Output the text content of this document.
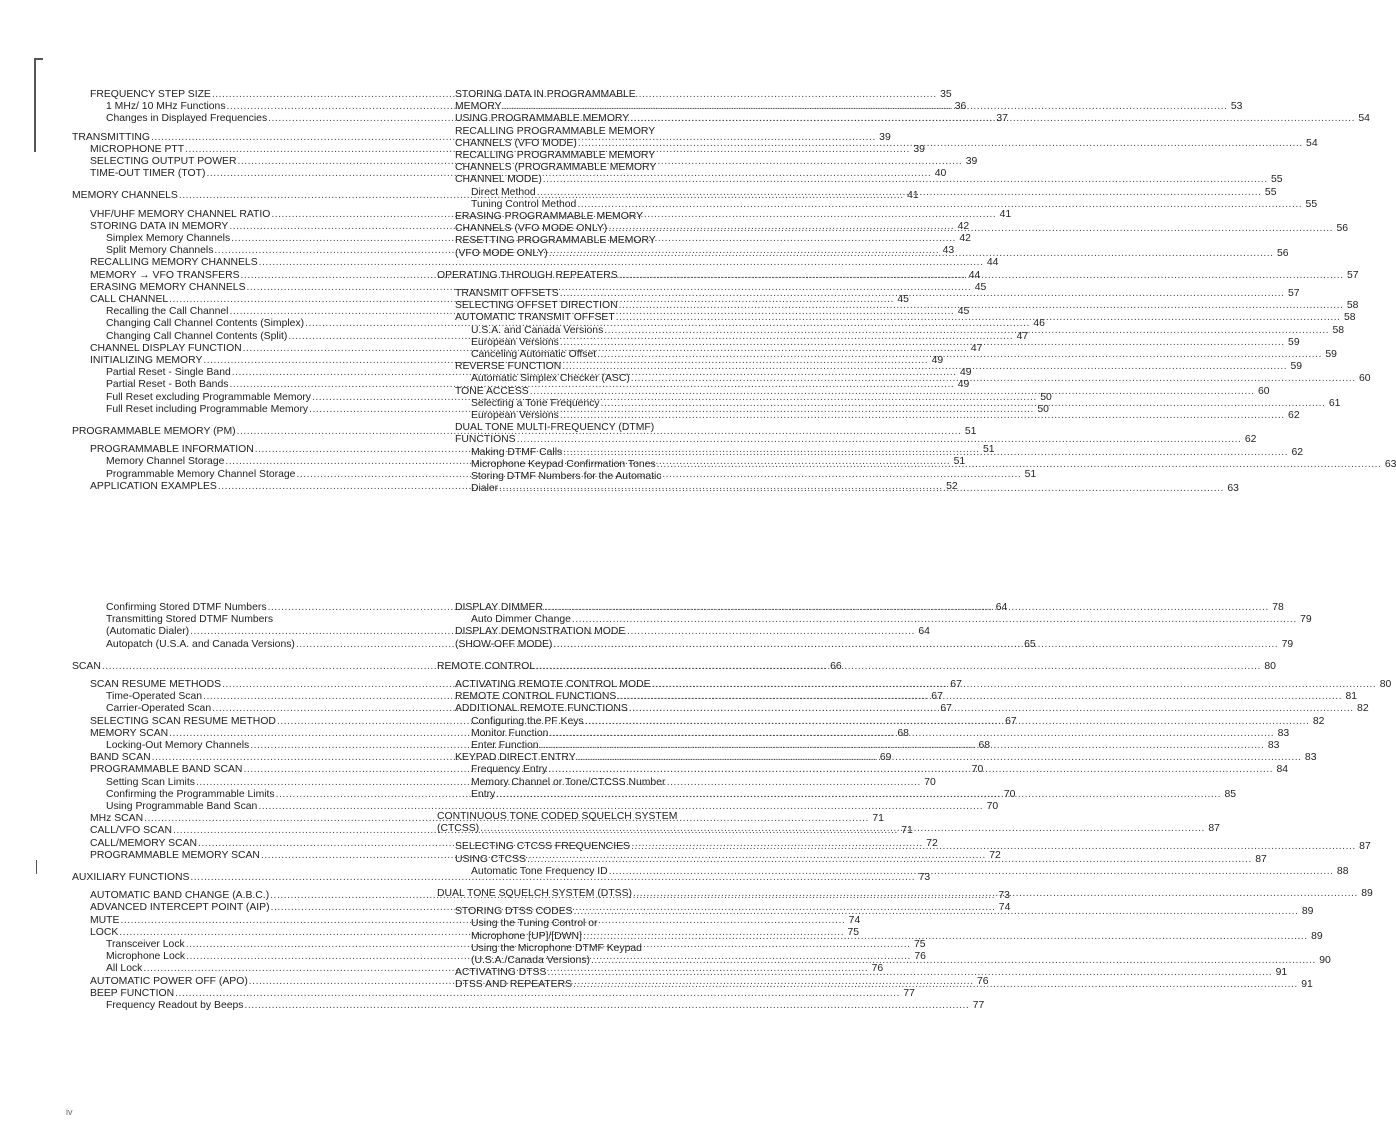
FREQUENCY STEP SIZE .....	35
1 MHz/ 10 MHz Functions .....	36
Changes in Displayed Frequencies .....	37
TRANSMITTING .....	39
MICROPHONE PTT .....	39
SELECTING OUTPUT POWER .....	39
TIME-OUT TIMER (TOT) .....	40
MEMORY CHANNELS .....	41
VHF/UHF MEMORY CHANNEL RATIO .....	41
STORING DATA IN MEMORY .....	42
Simplex Memory Channels .....	42
Split Memory Channels .....	43
RECALLING MEMORY CHANNELS .....	44
MEMORY → VFO TRANSFERS .....	44
ERASING MEMORY CHANNELS .....	45
CALL CHANNEL .....	45
Recalling the Call Channel .....	45
Changing Call Channel Contents (Simplex) .....	46
Changing Call Channel Contents (Split) .....	47
CHANNEL DISPLAY FUNCTION .....	47
INITIALIZING MEMORY .....	49
Partial Reset - Single Band .....	49
Partial Reset - Both Bands .....	49
Full Reset excluding Programmable Memory .....	50
Full Reset including Programmable Memory .....	50
PROGRAMMABLE MEMORY (PM) .....	51
PROGRAMMABLE INFORMATION .....	51
Memory Channel Storage .....	51
Programmable Memory Channel Storage .....	51
APPLICATION EXAMPLES .....	52
STORING DATA IN PROGRAMMABLE
MEMORY .....	53
USING PROGRAMMABLE MEMORY .....	54
RECALLING PROGRAMMABLE MEMORY
CHANNELS (VFO MODE) .....	54
RECALLING PROGRAMMABLE MEMORY
CHANNELS (PROGRAMMABLE MEMORY
CHANNEL MODE) .....	55
Direct Method .....	55
Tuning Control Method .....	55
ERASING PROGRAMMABLE MEMORY
CHANNELS (VFO MODE ONLY) .....	56
RESETTING PROGRAMMABLE MEMORY
(VFO MODE ONLY) .....	56
OPERATING THROUGH REPEATERS .....	57
TRANSMIT OFFSETS .....	57
SELECTING OFFSET DIRECTION .....	58
AUTOMATIC TRANSMIT OFFSET .....	58
U.S.A. and Canada Versions .....	58
European Versions .....	59
Canceling Automatic Offset .....	59
REVERSE FUNCTION .....	59
Automatic Simplex Checker (ASC) .....	60
TONE ACCESS .....	60
Selecting a Tone Frequency .....	61
European Versions .....	62
DUAL TONE MULTI-FREQUENCY (DTMF)
FUNCTIONS .....	62
Making DTMF Calls .....	62
Microphone Keypad Confirmation Tones .....	63
Storing DTMF Numbers for the Automatic
Dialer .....	63
Confirming Stored DTMF Numbers .....	64
Transmitting Stored DTMF Numbers
(Automatic Dialer) .....	64
Autopatch (U.S.A. and Canada Versions) .....	65
SCAN .....	66
SCAN RESUME METHODS .....	67
Time-Operated Scan .....	67
Carrier-Operated Scan .....	67
SELECTING SCAN RESUME METHOD .....	67
MEMORY SCAN .....	68
Locking-Out Memory Channels .....	68
BAND SCAN .....	69
PROGRAMMABLE BAND SCAN .....	70
Setting Scan Limits .....	70
Confirming the Programmable Limits .....	70
Using Programmable Band Scan .....	70
MHz SCAN .....	71
CALL/VFO SCAN .....	71
CALL/MEMORY SCAN .....	72
PROGRAMMABLE MEMORY SCAN .....	72
AUXILIARY FUNCTIONS .....	73
AUTOMATIC BAND CHANGE (A.B.C.) .....	73
ADVANCED INTERCEPT POINT (AIP) .....	74
MUTE .....	74
LOCK .....	75
Transceiver Lock .....	75
Microphone Lock .....	76
All Lock .....	76
AUTOMATIC POWER OFF (APO) .....	76
BEEP FUNCTION .....	77
Frequency Readout by Beeps .....	77
DISPLAY DIMMER .....	78
Auto Dimmer Change .....	79
DISPLAY DEMONSTRATION MODE
(SHOW-OFF MODE) .....	79
REMOTE CONTROL .....	80
ACTIVATING REMOTE CONTROL MODE .....	80
REMOTE CONTROL FUNCTIONS .....	81
ADDITIONAL REMOTE FUNCTIONS .....	82
Configuring the PF Keys .....	82
Monitor Function .....	83
Enter Function .....	83
KEYPAD DIRECT ENTRY .....	83
Frequency Entry .....	84
Memory Channel or Tone/CTCSS Number
Entry .....	85
CONTINUOUS TONE CODED SQUELCH SYSTEM
(CTCSS) .....	87
SELECTING CTCSS FREQUENCIES .....	87
USING CTCSS .....	87
Automatic Tone Frequency ID .....	88
DUAL TONE SQUELCH SYSTEM (DTSS) .....	89
STORING DTSS CODES .....	89
Using the Tuning Control or
Microphone [UP]/[DWN] .....	89
Using the Microphone DTMF Keypad
(U.S.A./Canada Versions) .....	90
ACTIVATING DTSS .....	91
DTSS AND REPEATERS .....	91
iv
